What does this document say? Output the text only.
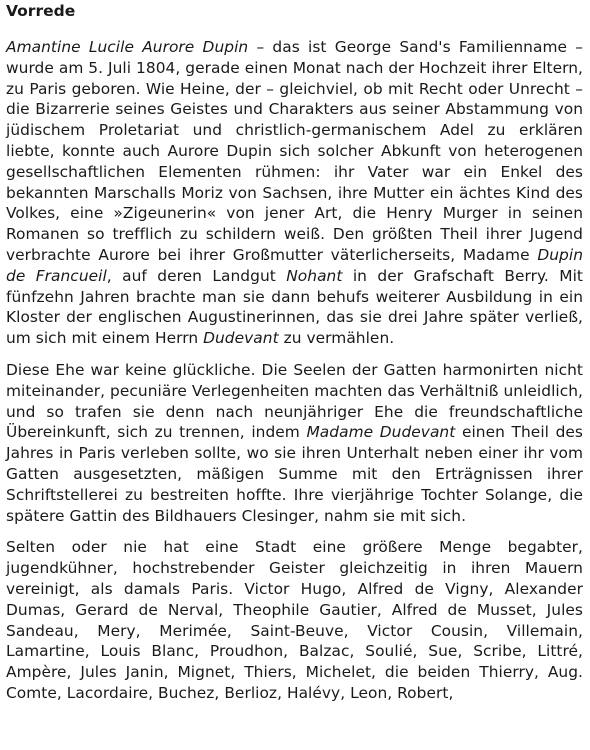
Vorrede

Amantine Lucile Aurore Dupin – das ist George Sand's Familienname – wurde am 5. Juli 1804, gerade einen Monat nach der Hochzeit ihrer Eltern, zu Paris geboren. Wie Heine, der – gleichviel, ob mit Recht oder Unrecht – die Bizarrerie seines Geistes und Charakters aus seiner Abstammung von jüdischem Proletariat und christlich-germanischem Adel zu erklären liebte, konnte auch Aurore Dupin sich solcher Abkunft von heterogenen gesellschaftlichen Elementen rühmen: ihr Vater war ein Enkel des bekannten Marschalls Moriz von Sachsen, ihre Mutter ein ächtes Kind des Volkes, eine »Zigeunerin« von jener Art, die Henry Murger in seinen Romanen so trefflich zu schildern weiß. Den größten Theil ihrer Jugend verbrachte Aurore bei ihrer Großmutter väterlicherseits, Madame Dupin de Francueil, auf deren Landgut Nohant in der Grafschaft Berry. Mit fünfzehn Jahren brachte man sie dann behufs weiterer Ausbildung in ein Kloster der englischen Augustinerinnen, das sie drei Jahre später verließ, um sich mit einem Herrn Dudevant zu vermählen.

Diese Ehe war keine glückliche. Die Seelen der Gatten harmonirten nicht miteinander, pecuniäre Verlegenheiten machten das Verhältniß unleidlich, und so trafen sie denn nach neunjähriger Ehe die freundschaftliche Übereinkunft, sich zu trennen, indem Madame Dudevant einen Theil des Jahres in Paris verleben sollte, wo sie ihren Unterhalt neben einer ihr vom Gatten ausgesetzten, mäßigen Summe mit den Erträgnissen ihrer Schriftstellerei zu bestreiten hoffte. Ihre vierjährige Tochter Solange, die spätere Gattin des Bildhauers Clesinger, nahm sie mit sich.

Selten oder nie hat eine Stadt eine größere Menge begabter, jugendkühner, hochstrebender Geister gleichzeitig in ihren Mauern vereinigt, als damals Paris. Victor Hugo, Alfred de Vigny, Alexander Dumas, Gerard de Nerval, Theophile Gautier, Alfred de Musset, Jules Sandeau, Mery, Merimée, Saint-Beuve, Victor Cousin, Villemain, Lamartine, Louis Blanc, Proudhon, Balzac, Soulié, Sue, Scribe, Littré, Ampère, Jules Janin, Mignet, Thiers, Michelet, die beiden Thierry, Aug. Comte, Lacordaire, Buchez, Berlioz, Halévy, Leon, Robert,
